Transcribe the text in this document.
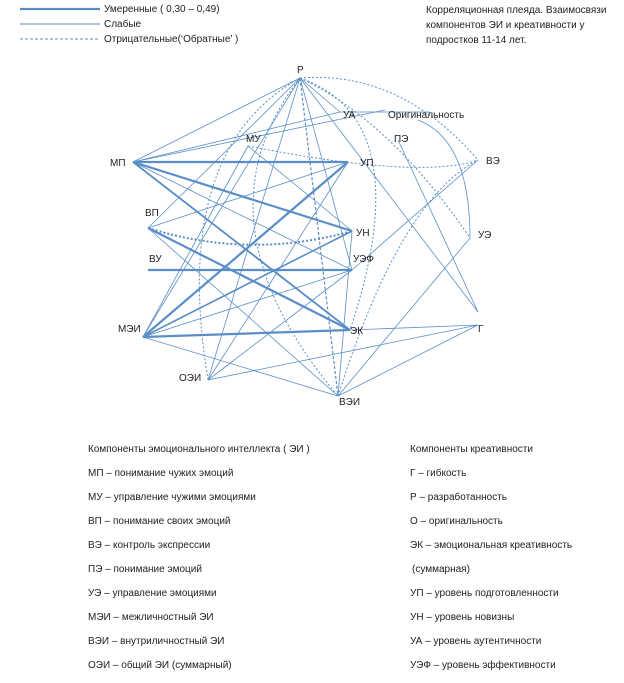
Умеренные ( 0,30 – 0,49)
Слабые
Отрицательные(‘Обратные’ )
Р
УА	Оригинальность
МУ	ПЭ
МП	УП	ВЭ
ВП
УН	УЭ
ВУ	УЭФ
МЭИ	ЭК	Г
ОЭИ
ВЭИ
Корреляционная плеяда. Взаимосвязи компонентов ЭИ и креативности у подростков 11-14 лет.
Компоненты эмоционального интеллекта ( ЭИ )
МП – понимание чужих эмоций
МУ – управление чужими эмоциями
ВП – понимание своих эмоций
ВЭ – контроль экспрессии
ПЭ – понимание эмоций
УЭ – управление эмоциями
МЭИ – межличностный ЭИ
ВЭИ – внутриличностный ЭИ
ОЭИ – общий ЭИ (суммарный)
Компоненты креативности
Г – гибкость
Р – разработанность
О – оригинальность
ЭК – эмоциональная креативность
(суммарная)
УП – уровень подготовленности
УН – уровень новизны
УА – уровень аутентичности
УЭФ – уровень эффективности
